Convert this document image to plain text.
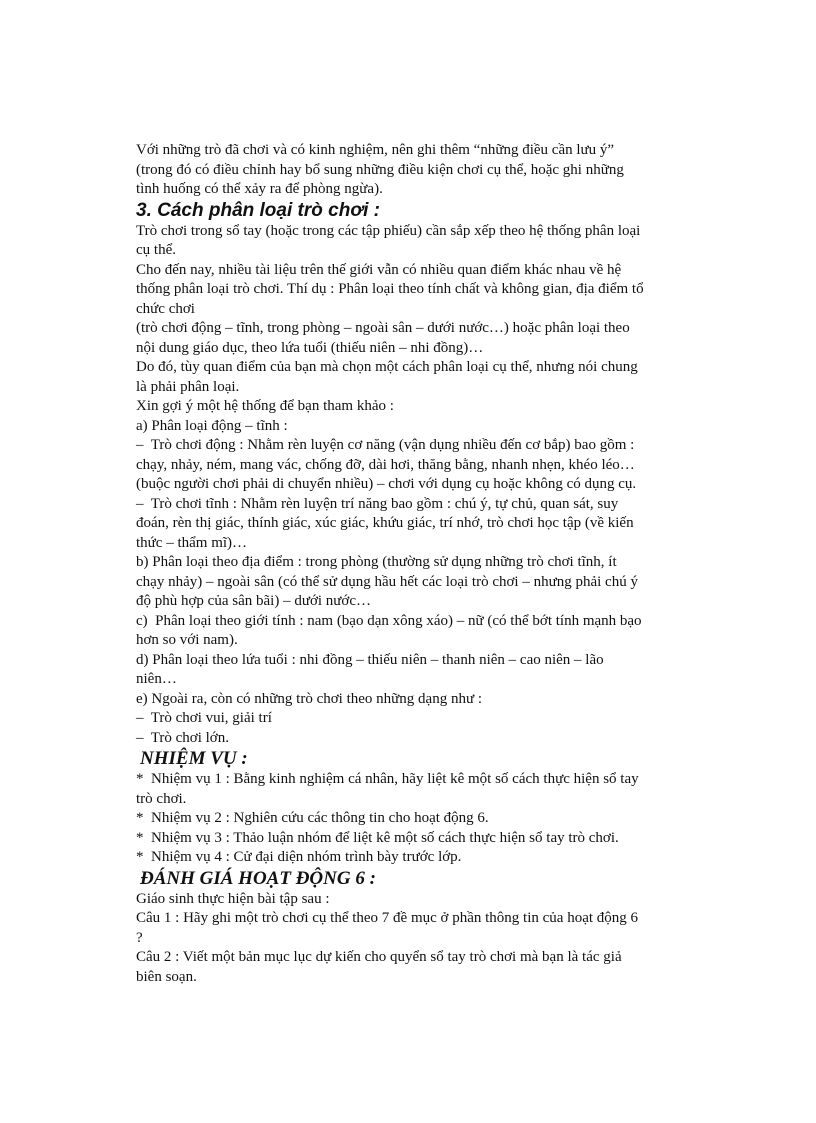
Với những trò đã chơi và có kinh nghiệm, nên ghi thêm “những điều cần lưu ý”

(trong đó có điều chỉnh hay bổ sung những điều kiện chơi cụ thể, hoặc ghi những

tình huống có thể xảy ra để phòng ngừa).

3. Cách phân loại trò chơi :

Trò chơi trong sổ tay (hoặc trong các tập phiếu) cần sắp xếp theo hệ thống phân loại

cụ thể.

Cho đến nay, nhiều tài liệu trên thế giới vẫn có nhiều quan điểm khác nhau về hệ

thống phân loại trò chơi. Thí dụ : Phân loại theo tính chất và không gian, địa điểm tổ

chức chơi

(trò chơi động – tĩnh, trong phòng – ngoài sân – dưới nước…) hoặc phân loại theo

nội dung giáo dục, theo lứa tuổi (thiếu niên – nhi đồng)…

Do đó, tùy quan điểm của bạn mà chọn một cách phân loại cụ thể, nhưng nói chung

là phải phân loại.

Xin gợi ý một hệ thống để bạn tham khảo :

a) Phân loại động – tĩnh :

–  Trò chơi động : Nhằm rèn luyện cơ năng (vận dụng nhiều đến cơ bắp) bao gồm :

chạy, nhảy, ném, mang vác, chống đỡ, dài hơi, thăng bằng, nhanh nhẹn, khéo léo…

(buộc người chơi phải di chuyển nhiều) – chơi với dụng cụ hoặc không có dụng cụ.

–  Trò chơi tĩnh : Nhằm rèn luyện trí năng bao gồm : chú ý, tự chủ, quan sát, suy

đoán, rèn thị giác, thính giác, xúc giác, khứu giác, trí nhớ, trò chơi học tập (về kiến

thức – thẩm mĩ)…

b) Phân loại theo địa điểm : trong phòng (thường sử dụng những trò chơi tĩnh, ít

chạy nhảy) – ngoài sân (có thể sử dụng hầu hết các loại trò chơi – nhưng phải chú ý

độ phù hợp của sân bãi) – dưới nước…

c)  Phân loại theo giới tính : nam (bạo dạn xông xáo) – nữ (có thể bớt tính mạnh bạo

hơn so với nam).

d) Phân loại theo lứa tuổi : nhi đồng – thiếu niên – thanh niên – cao niên – lão

niên…

e) Ngoài ra, còn có những trò chơi theo những dạng như :

–  Trò chơi vui, giải trí

–  Trò chơi lớn.

NHIỆM VỤ :

*  Nhiệm vụ 1 : Bằng kinh nghiệm cá nhân, hãy liệt kê một số cách thực hiện sổ tay

trò chơi.

*  Nhiệm vụ 2 : Nghiên cứu các thông tin cho hoạt động 6.

*  Nhiệm vụ 3 : Thảo luận nhóm để liệt kê một số cách thực hiện sổ tay trò chơi.

*  Nhiệm vụ 4 : Cử đại diện nhóm trình bày trước lớp.

ĐÁNH GIÁ HOẠT ĐỘNG 6 :

Giáo sinh thực hiện bài tập sau :

Câu 1 : Hãy ghi một trò chơi cụ thể theo 7 đề mục ở phần thông tin của hoạt động 6

?

Câu 2 : Viết một bản mục lục dự kiến cho quyển sổ tay trò chơi mà bạn là tác giả

biên soạn.
